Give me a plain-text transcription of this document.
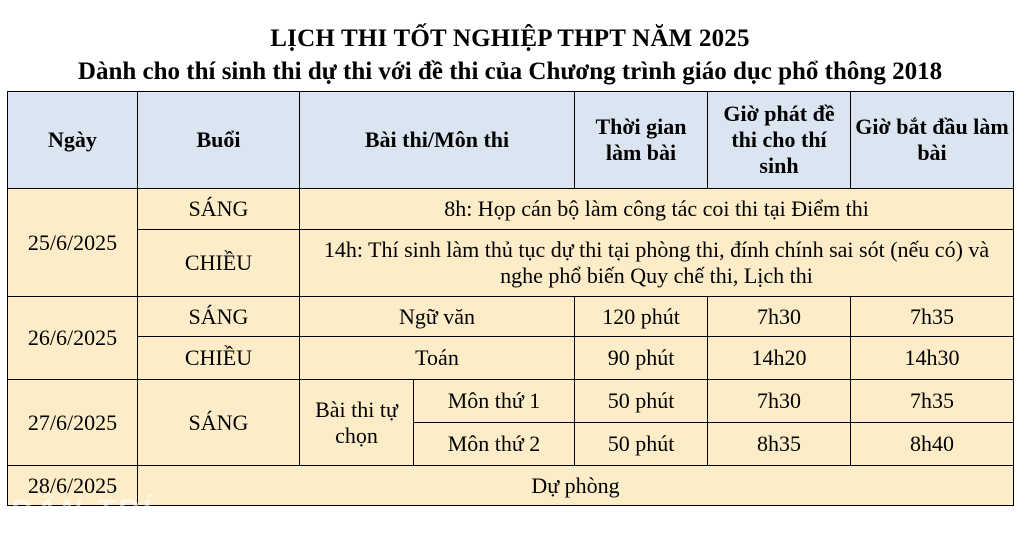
LỊCH THI TỐT NGHIỆP THPT NĂM 2025
Dành cho thí sinh thi dự thi với đề thi của Chương trình giáo dục phổ thông 2018
Ngày	Buổi	Bài thi/Môn thi		Thời gian làm bài	Giờ phát đề thi cho thí sinh	Giờ bắt đầu làm bài
25/6/2025	SÁNG	8h: Họp cán bộ làm công tác coi thi tại Điểm thi				
	CHIỀU	14h: Thí sinh làm thủ tục dự thi tại phòng thi, đính chính sai sót (nếu có) và nghe phổ biến Quy chế thi, Lịch thi				
26/6/2025	SÁNG	Ngữ văn		120 phút	7h30	7h35
	CHIỀU	Toán		90 phút	14h20	14h30
27/6/2025	SÁNG	Bài thi tự chọn	Môn thứ 1	50 phút	7h30	7h35
			Môn thứ 2	50 phút	8h35	8h40
28/6/2025	Dự phòng					
DÂN TRÍ
